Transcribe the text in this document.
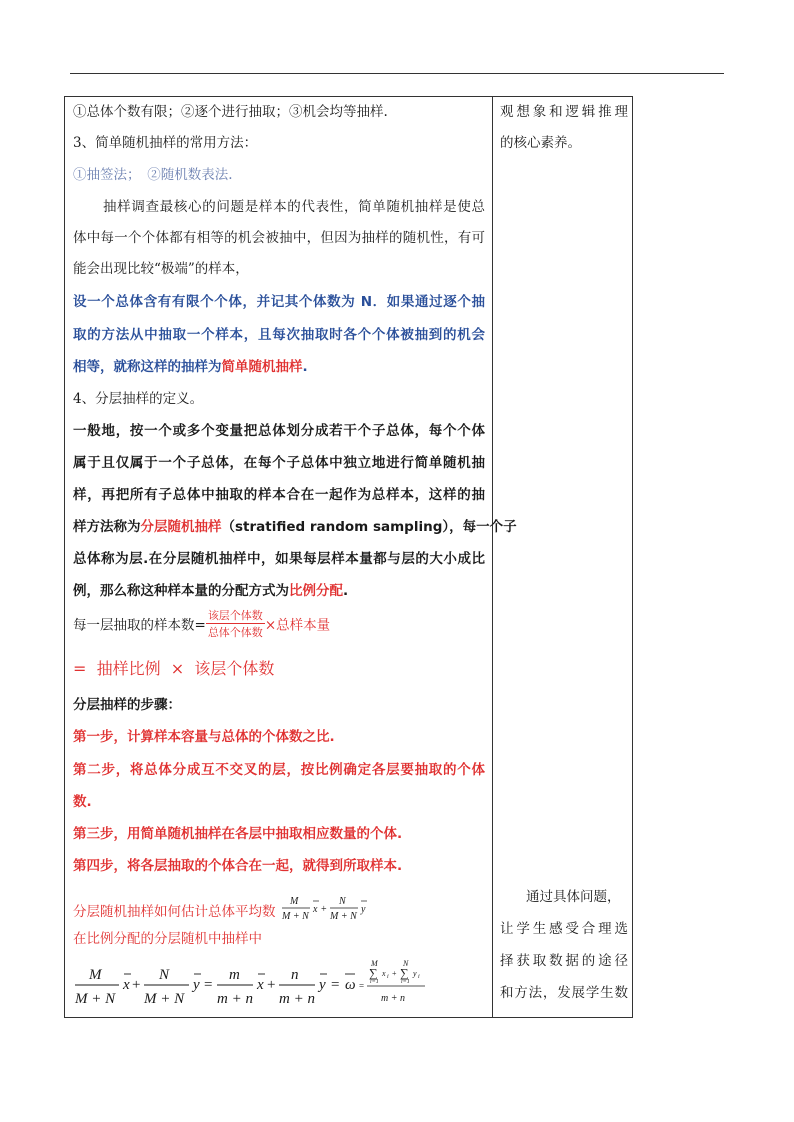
①总体个数有限；②逐个进行抽取；③机会均等抽样.
3、简单随机抽样的常用方法：
①抽签法；　②随机数表法.
抽样调查最核心的问题是样本的代表性，简单随机抽样是使总
体中每一个个体都有相等的机会被抽中，但因为抽样的随机性，有可
能会出现比较“极端”的样本，
设一个总体含有有限个个体，并记其个体数为 N．如果通过逐个抽
取的方法从中抽取一个样本，且每次抽取时各个个体被抽到的机会
相等，就称这样的抽样为简单随机抽样.
4、分层抽样的定义。
一般地，按一个或多个变量把总体划分成若干个子总体，每个个体
属于且仅属于一个子总体，在每个子总体中独立地进行简单随机抽
样，再把所有子总体中抽取的样本合在一起作为总样本，这样的抽
样方法称为分层随机抽样（stratified random sampling），每一个子
总体称为层.在分层随机抽样中，如果每层样本量都与层的大小成比
例，那么称这种样本量的分配方式为比例分配.
每一层抽取的样本数= $\frac{\text{该层个体数}}{\text{总体个体数}}$ ×总样本量
= 抽样比例 × 该层个体数
分层抽样的步骤：
第一步，计算样本容量与总体的个体数之比.
第二步，将总体分成互不交叉的层，按比例确定各层要抽取的个体
数.
第三步，用简单随机抽样在各层中抽取相应数量的个体.
第四步，将各层抽取的个体合在一起，就得到所取样本.
分层随机抽样如何估计总体平均数
M
M + N
x +
N
M + N
y
在比例分配的分层随机中抽样中
M
M + N
x +
N
M + N
y =
m
m + n
x +
n
m + n
y = ω =
M
∑
i=1
x i +
N
∑
i=1
y i
m + n
观想象和逻辑推理
的核心素养。
通过具体问题，
让学生感受合理选
择获取数据的途径
和方法，发展学生数
